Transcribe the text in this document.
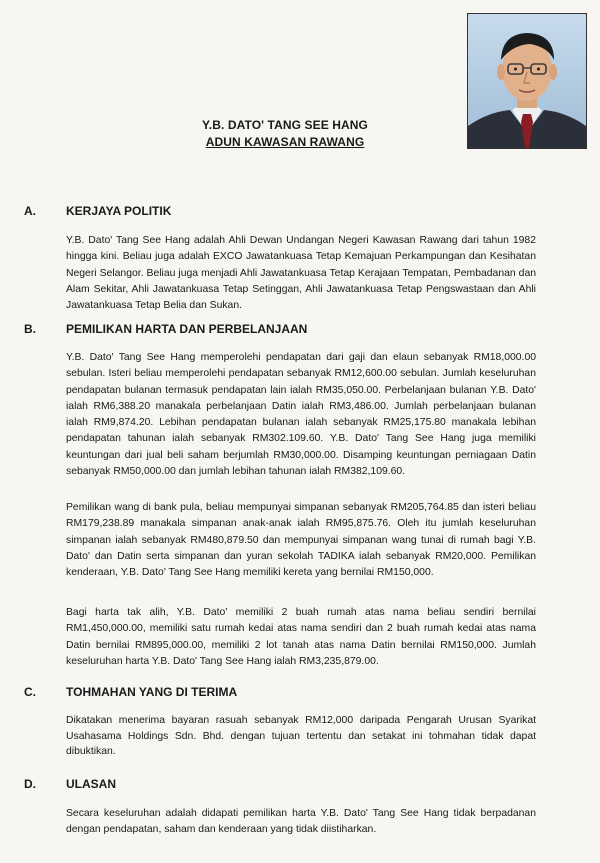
Y.B. DATO' TANG SEE HANG
ADUN KAWASAN RAWANG
A.	KERJAYA POLITIK

Y.B. Dato' Tang See Hang adalah Ahli Dewan Undangan Negeri Kawasan Rawang dari tahun 1982 hingga kini. Beliau juga adalah EXCO Jawatankuasa Tetap Kemajuan Perkampungan dan Kesihatan Negeri Selangor. Beliau juga menjadi Ahli Jawatankuasa Tetap Kerajaan Tempatan, Pembadanan dan Alam Sekitar, Ahli Jawatankuasa Tetap Setinggan, Ahli Jawatankuasa Tetap Pengswastaan dan Ahli Jawatankuasa Tetap Belia dan Sukan.

B.	PEMILIKAN HARTA DAN PERBELANJAAN

Y.B. Dato' Tang See Hang memperolehi pendapatan dari gaji dan elaun sebanyak RM18,000.00 sebulan. Isteri beliau memperolehi pendapatan sebanyak RM12,600.00 sebulan. Jumlah keseluruhan pendapatan bulanan termasuk pendapatan lain ialah RM35,050.00. Perbelanjaan bulanan Y.B. Dato' ialah RM6,388.20 manakala perbelanjaan Datin ialah RM3,486.00. Jumlah perbelanjaan bulanan ialah RM9,874.20. Lebihan pendapatan bulanan ialah sebanyak RM25,175.80 manakala lebihan pendapatan tahunan ialah sebanyak RM302.109.60. Y.B. Dato' Tang See Hang juga memiliki keuntungan dari jual beli saham berjumlah RM30,000.00. Disamping keuntungan perniagaan Datin sebanyak RM50,000.00 dan jumlah lebihan tahunan ialah RM382,109.60.

Pemilikan wang di bank pula, beliau mempunyai simpanan sebanyak RM205,764.85 dan isteri beliau RM179,238.89 manakala simpanan anak-anak ialah RM95,875.76. Oleh itu jumlah keseluruhan simpanan ialah sebanyak RM480,879.50 dan mempunyai simpanan wang tunai di rumah bagi Y.B. Dato' dan Datin serta simpanan dan yuran sekolah TADIKA ialah sebanyak RM20,000. Pemilikan kenderaan, Y.B. Dato' Tang See Hang memiliki kereta yang bernilai RM150,000.

Bagi harta tak alih, Y.B. Dato' memiliki 2 buah rumah atas nama beliau sendiri bernilai RM1,450,000.00, memiliki satu rumah kedai atas nama sendiri dan 2 buah rumah kedai atas nama Datin bernilai RM895,000.00, memiliki 2 lot tanah atas nama Datin bernilai RM150,000. Jumlah keseluruhan harta Y.B. Dato' Tang See Hang ialah RM3,235,879.00.

C.	TOHMAHAN YANG DI TERIMA

Dikatakan menerima bayaran rasuah sebanyak RM12,000 daripada Pengarah Urusan Syarikat Usahasama Holdings Sdn. Bhd. dengan tujuan tertentu dan setakat ini tohmahan tidak dapat dibuktikan.

D.	ULASAN

Secara keseluruhan adalah didapati pemilikan harta Y.B. Dato' Tang See Hang tidak berpadanan dengan pendapatan, saham dan kenderaan yang tidak diistiharkan.
